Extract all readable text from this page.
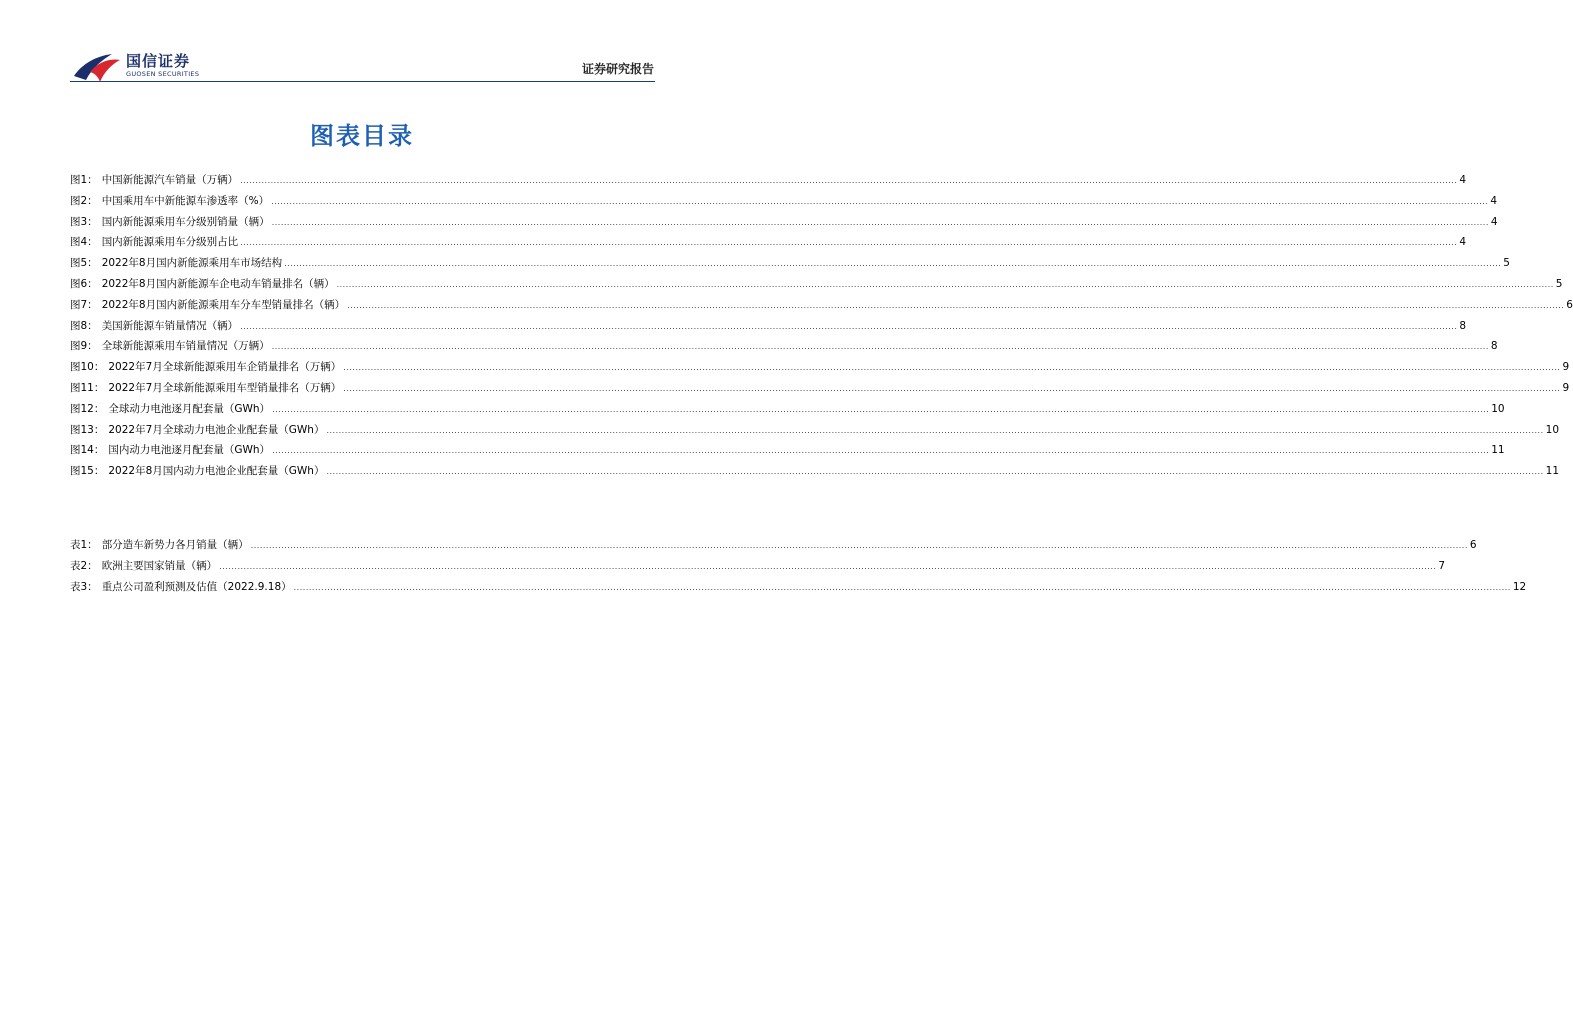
国信证券
GUOSEN SECURITIES	证券研究报告
图表目录
图1： 中国新能源汽车销量（万辆） ................................................................................................................................................................................................................................................................................................................................................................................................................ 4
图2： 中国乘用车中新能源车渗透率（%） ................................................................................................................................................................................................................................................................................................................................................................................................................ 4
图3： 国内新能源乘用车分级别销量（辆） ................................................................................................................................................................................................................................................................................................................................................................................................................ 4
图4： 国内新能源乘用车分级别占比 ................................................................................................................................................................................................................................................................................................................................................................................................................ 4
图5： 2022年8月国内新能源乘用车市场结构 ................................................................................................................................................................................................................................................................................................................................................................................................................ 5
图6： 2022年8月国内新能源车企电动车销量排名（辆） ................................................................................................................................................................................................................................................................................................................................................................................................................ 5
图7： 2022年8月国内新能源乘用车分车型销量排名（辆） ................................................................................................................................................................................................................................................................................................................................................................................................................ 6
图8： 美国新能源车销量情况（辆） ................................................................................................................................................................................................................................................................................................................................................................................................................ 8
图9： 全球新能源乘用车销量情况（万辆） ................................................................................................................................................................................................................................................................................................................................................................................................................ 8
图10： 2022年7月全球新能源乘用车企销量排名（万辆） ................................................................................................................................................................................................................................................................................................................................................................................................................ 9
图11： 2022年7月全球新能源乘用车型销量排名（万辆） ................................................................................................................................................................................................................................................................................................................................................................................................................ 9
图12： 全球动力电池逐月配套量（GWh） ................................................................................................................................................................................................................................................................................................................................................................................................................ 10
图13： 2022年7月全球动力电池企业配套量（GWh） ................................................................................................................................................................................................................................................................................................................................................................................................................ 10
图14： 国内动力电池逐月配套量（GWh） ................................................................................................................................................................................................................................................................................................................................................................................................................ 11
图15： 2022年8月国内动力电池企业配套量（GWh） ................................................................................................................................................................................................................................................................................................................................................................................................................ 11
表1： 部分造车新势力各月销量（辆） ................................................................................................................................................................................................................................................................................................................................................................................................................ 6
表2： 欧洲主要国家销量（辆） ................................................................................................................................................................................................................................................................................................................................................................................................................ 7
表3： 重点公司盈利预测及估值（2022.9.18） ................................................................................................................................................................................................................................................................................................................................................................................................................ 12
